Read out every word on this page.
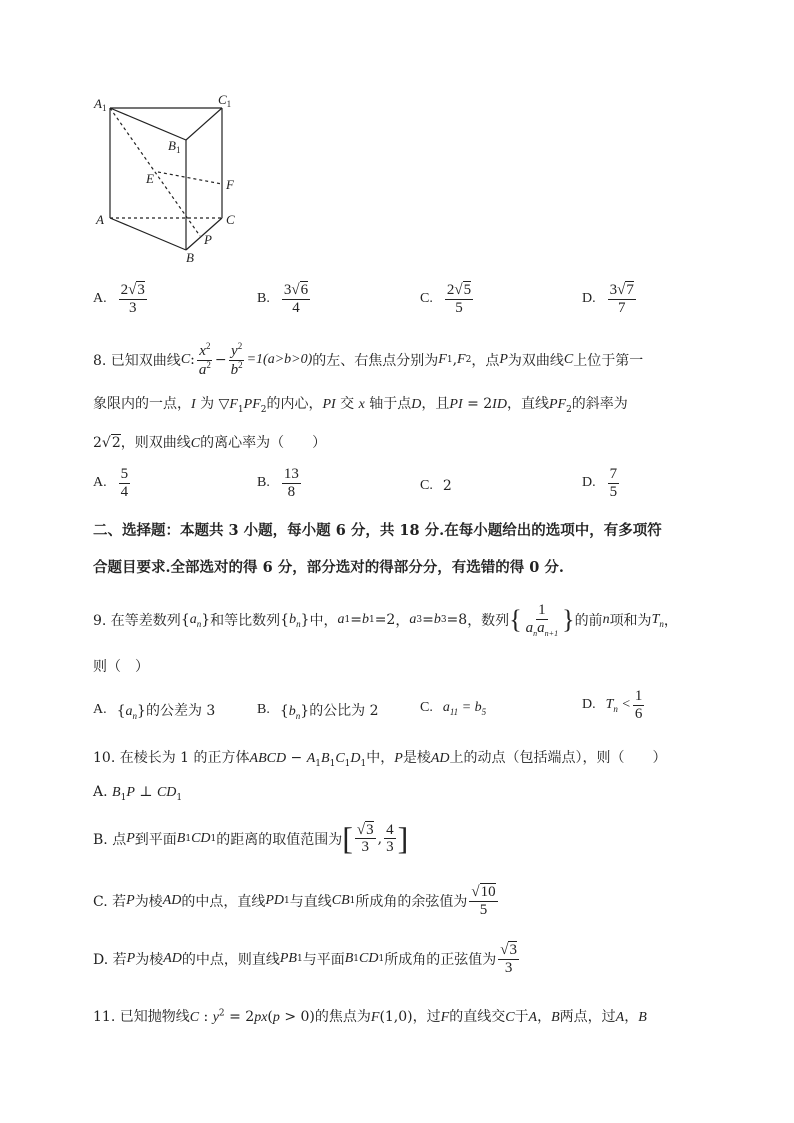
$A_1$
$C_1$
$B_1$
E	F
A	C
P
B
A. $\frac{2√3}{3}$	B. $\frac{3√6}{4}$	C. $\frac{2√5}{5}$	D. $\frac{3√7}{7}$
8. 已知双曲线 C : $\frac{x^2}{a^2} - \frac{y^2}{b^2} =1(a>b>0)$ 的左、右焦点分别为 F 1 , F 2 ，点 P 为双曲线 C 上位于第一
象限内的一点，I 为 $▽F_1PF_2$的内心，PI 交 x 轴于点D，且PI = 2ID，直线$PF_2$的斜率为
2√2，则双曲线C的离心率为（　　）
A. $\frac{5}{4}$	B. $\frac{13}{8}$	C. 2	D. $\frac{7}{5}$
二、选择题：本题共 3 小题，每小题 6 分，共 18 分.在每小题给出的选项中，有多项符
合题目要求.全部选对的得 6 分，部分选对的得部分分，有选错的得 0 分.
9. 在等差数列 { $a_n$ } 和等比数列 { $b_n$ } 中， a 1 = b 1 =2 ， a 3 = b 3 =8 ，数列 { $\frac{1}{a_na_{n+1}}$ } 的前 n 项和为 $T_n$ ，
则（　）
A. $\{a_n\}$的公差为 3	B. $\{b_n\}$的公比为 2	C. $a_{11} = b_5$	D. $T_n < \frac{1}{6}$
10. 在棱长为 1 的正方体ABCD − $A_1B_1C_1D_1$中，P是棱AD上的动点（包括端点），则（　　）
A. $B_1P$ ⊥ $CD_1$
B. 点 P 到平面 B 1 CD 1 的距离的取值范围为 [ $\frac{√3}{3}$ , $\frac{4}{3}$ ]
C. 若 P 为棱 AD 的中点，直线 PD 1 与直线 CB 1 所成角的余弦值为 $\frac{√10}{5}$
D. 若 P 为棱 AD 的中点，则直线 PB 1 与平面 B 1 CD 1 所成角的正弦值为 $\frac{√3}{3}$
11. 已知抛物线C : $y^2 = 2px(p > 0)$的焦点为F(1,0)，过F的直线交C于A，B两点，过A，B
